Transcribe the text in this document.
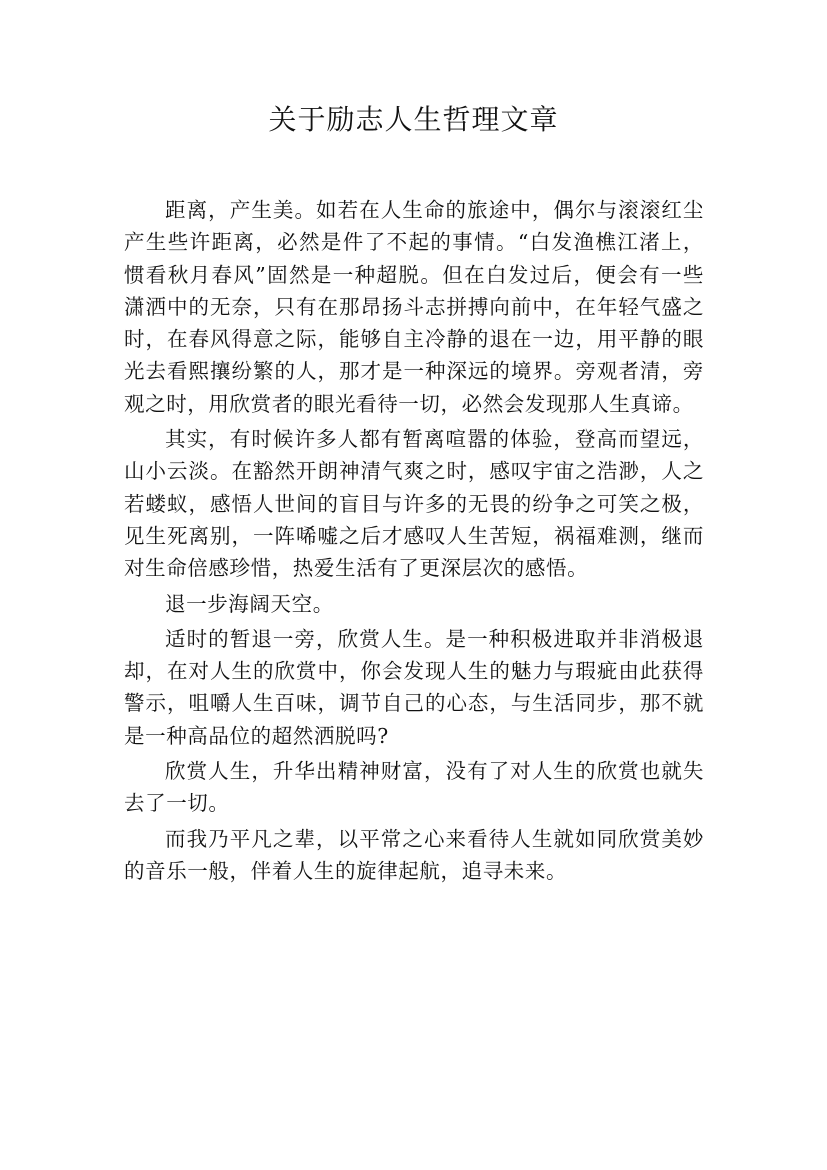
关于励志人生哲理文章

距离，产生美。如若在人生命的旅途中，偶尔与滚滚红尘产生些许距离，必然是件了不起的事情。“白发渔樵江渚上，惯看秋月春风”固然是一种超脱。但在白发过后，便会有一些潇洒中的无奈，只有在那昂扬斗志拼搏向前中，在年轻气盛之时，在春风得意之际，能够自主冷静的退在一边，用平静的眼光去看熙攘纷繁的人，那才是一种深远的境界。旁观者清，旁观之时，用欣赏者的眼光看待一切，必然会发现那人生真谛。

其实，有时候许多人都有暂离喧嚣的体验，登高而望远，山小云淡。在豁然开朗神清气爽之时，感叹宇宙之浩渺，人之若蝼蚁，感悟人世间的盲目与许多的无畏的纷争之可笑之极，见生死离别，一阵唏嘘之后才感叹人生苦短，祸福难测，继而对生命倍感珍惜，热爱生活有了更深层次的感悟。

退一步海阔天空。

适时的暂退一旁，欣赏人生。是一种积极进取并非消极退却，在对人生的欣赏中，你会发现人生的魅力与瑕疵由此获得警示，咀嚼人生百味，调节自己的心态，与生活同步，那不就是一种高品位的超然洒脱吗?

欣赏人生，升华出精神财富，没有了对人生的欣赏也就失去了一切。

而我乃平凡之辈，以平常之心来看待人生就如同欣赏美妙的音乐一般，伴着人生的旋律起航，追寻未来。
